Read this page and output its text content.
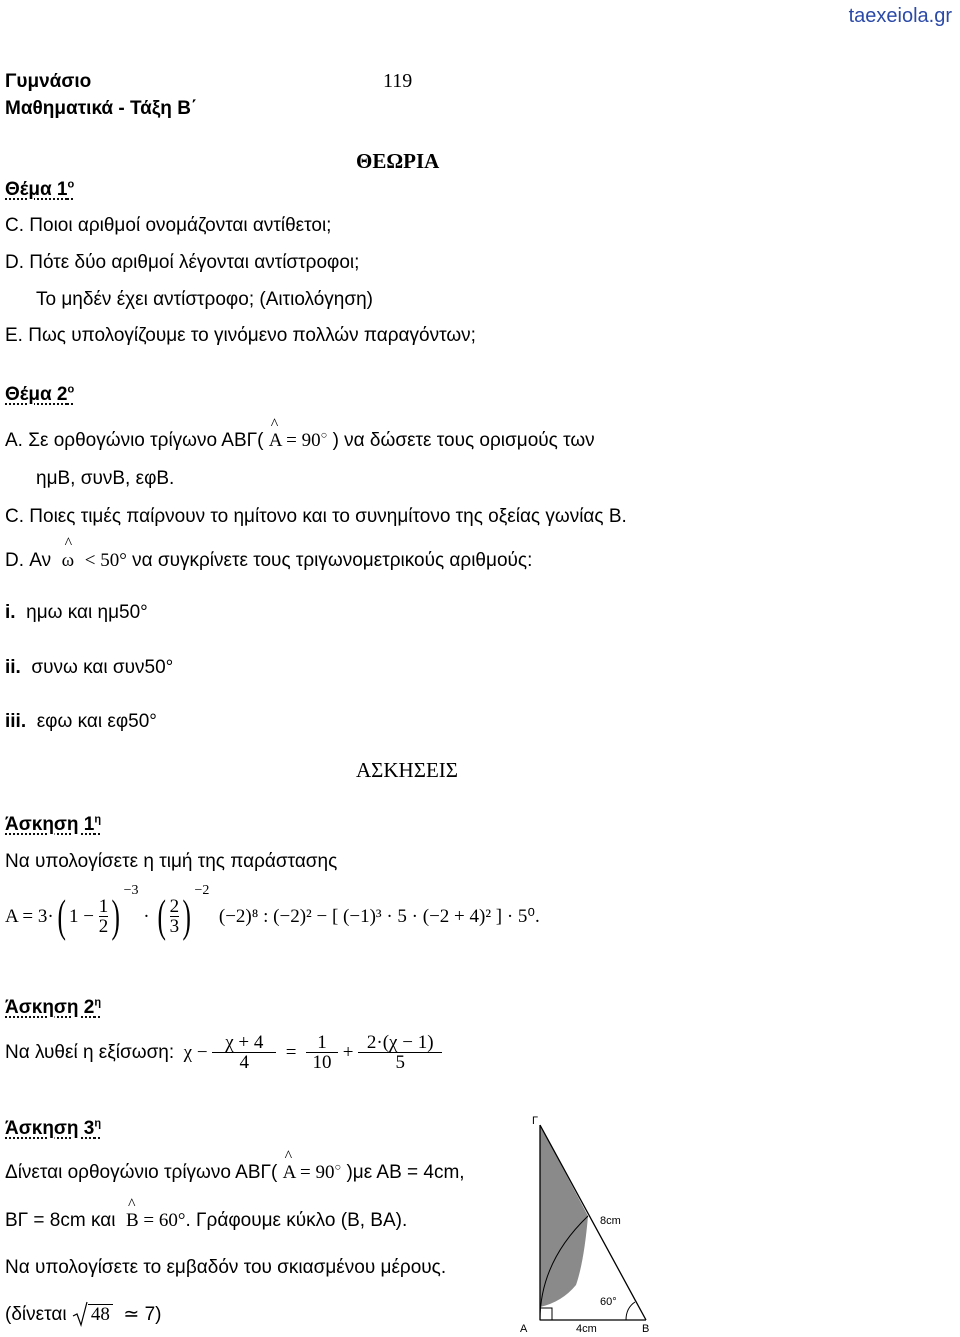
taexeiola.gr
Γυμνάσιο
Μαθηματικά - Τάξη Β΄
119
ΘΕΩΡΙΑ
Θέμα $1^o$
C. Ποιοι αριθμοί ονομάζονται αντίθετοι;
D. Πότε δύο αριθμοί λέγονται αντίστροφοι;
Το μηδέν έχει αντίστροφο; (Αιτιολόγηση)
E. Πως υπολογίζουμε το γινόμενο πολλών παραγόντων;
Θέμα $2^o$
A. Σε ορθογώνιο τρίγωνο ΑΒΓ(
^
Α = 90○ ) να δώσετε τους ορισμούς των
ημΒ, συνΒ, εφΒ.
C. Ποιες τιμές παίρνουν το ημίτονο και το συνημίτονο της οξείας γωνίας Β.
D. Αν
^
ω < 50° να συγκρίνετε τους τριγωνομετρικούς αριθμούς:
i. ημω και ημ50°
ii. συνω και συν50°
iii. εφω και εφ50°
ΑΣΚΗΣΕΙΣ
Άσκηση $1^\eta$
Να υπολογίσετε η τιμή της παράστασης
Α = 3· ( $1 - \frac{1}{2}$ ) −3
· ( $\frac{2}{3}$ ) −2

(−2)⁸ : (−2)² − [ (−1)³ · 5 · (−2 + 4)² ] · 5⁰.
Άσκηση $2^\eta$
Να λυθεί η εξίσωση:
χ −
$\frac{\chi + 4}{4}$
=
$\frac{1}{10}$
+
$\frac{2\cdot(\chi - 1)}{5}$
Άσκηση $3^\eta$
Δίνεται ορθογώνιο τρίγωνο ΑΒΓ(
^
Α = 90○ )με ΑΒ = 4cm,
ΒΓ = 8cm και
^
Β = 60°. Γράφουμε κύκλο (Β, ΒΑ).
Να υπολογίσετε το εμβαδόν του σκιασμένου μέρους.
(δίνεται
48
≃ 7)
Γ
Α	Β
8cm
4cm
60°
